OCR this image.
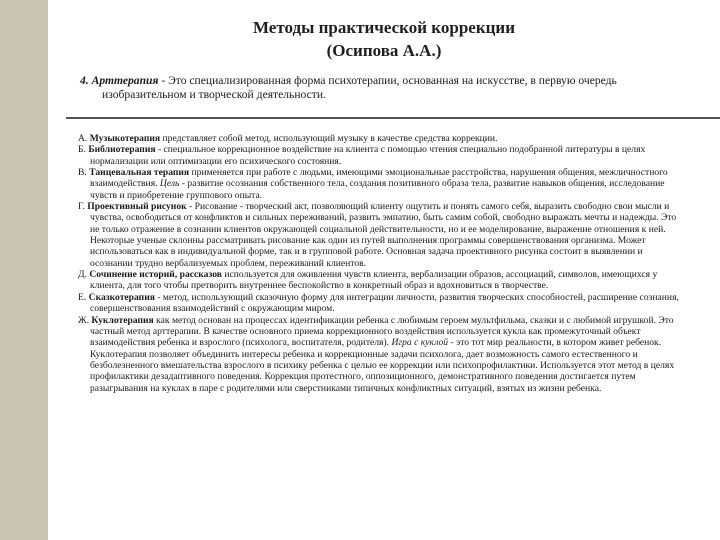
Методы практической коррекции
(Осипова А.А.)
4. Арттерапия - Это специализированная форма психотерапии, основанная на искусстве, в первую очередь изобразительном и творческой деятельности.

А. Музыкотерапия представляет собой метод, использующий музыку в качестве средства коррекции.

Б. Библиотерапия - специальное коррекционное воздействие на клиента с помощью чтения специально подобранной литературы в целях нормализации или оптимизации его психического состояния.

В. Танцевальная терапия применяется при работе с людьми, имеющими эмоциональные расстройства, нарушения общения, межличностного взаимодействия. Цель - развитие осознания собственного тела, создания позитивного образа тела, развитие навыков общения, исследование чувств и приобретение группового опыта.

Г. Проективный рисунок - Рисование - творческий акт, позволяющий клиенту ощутить и понять самого себя, выразить свободно свои мысли и чувства, освободиться от конфликтов и сильных переживаний, развить эмпатию, быть самим собой, свободно выражать мечты и надежды. Это не только отражение в сознании клиентов окружающей социальной действительности, но и ее моделирование, выражение отношения к ней. Некоторые ученые склонны рассматривать рисование как один из путей выполнения программы совершенствования организма. Может использоваться как в индивидуальной форме, так и в групповой работе. Основная задача проективного рисунка состоит в выявлении и осознании трудно вербализуемых проблем, переживаний клиентов.

Д. Сочинение историй, рассказов используется для оживления чувств клиента, вербализации образов, ассоциаций, символов, имеющихся у клиента, для того чтобы претворить внутреннее беспокойство в конкретный образ и вдохновиться в творчестве.

Е. Сказкотерапия - метод, использующий сказочную форму для интеграции личности, развития творческих способностей, расширение сознания, совершенствования взаимодействий с окружающим миром.

Ж. Куклотерапия как метод основан на процессах идентификации ребенка с любимым героем мультфильма, сказки и с любимой игрушкой. Это частный метод арттерапии. В качестве основного приема коррекционного воздействия используется кукла как промежуточный объект взаимодействия ребенка и взрослого (психолога, воспитателя, родителя). Игра с куклой - это тот мир реальности, в котором живет ребенок. Куклотерапия позволяет объединить интересы ребенка и коррекционные задачи психолога, дает возможность самого естественного и безболезненного вмешательства взрослого в психику ребенка с целью ее коррекции или психопрофилактики. Используется этот метод в целях профилактики дезадаптивного поведения. Коррекция протестного, оппозиционного, демонстративного поведения достигается путем разыгрывания на куклах в паре с родителями или сверстниками типичных конфликтных ситуаций, взятых из жизни ребенка.
